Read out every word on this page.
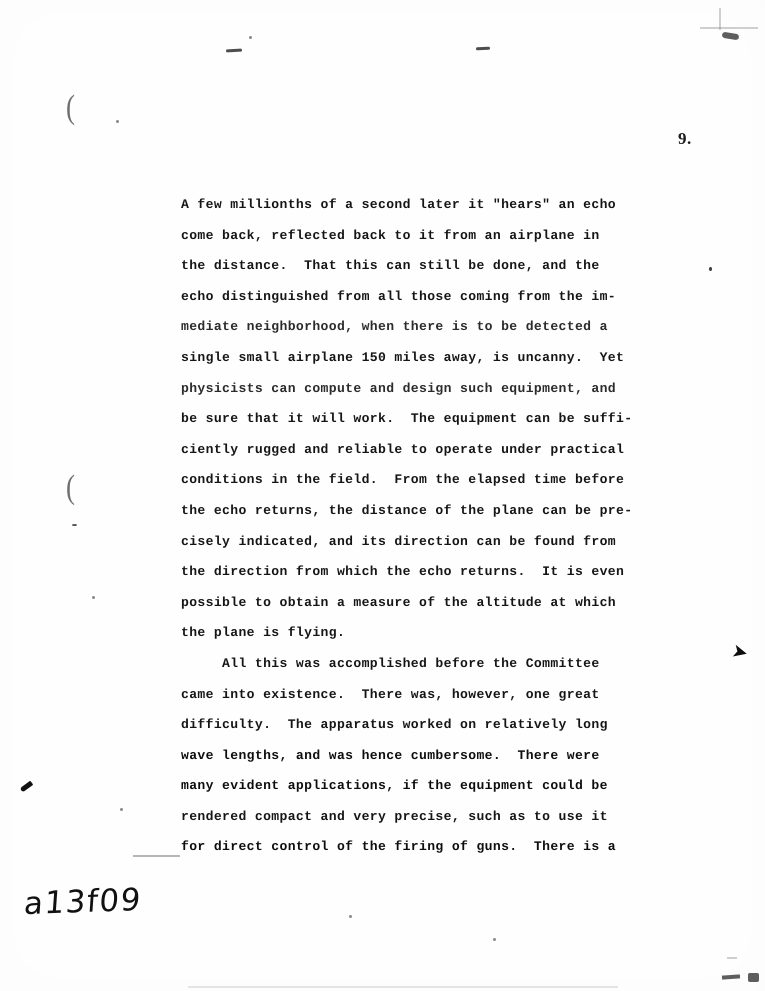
(
(
9.
➤
A few millionths of a second later it "hears" an echo
come back, reflected back to it from an airplane in
the distance.  That this can still be done, and the
echo distinguished from all those coming from the im-
mediate neighborhood, when there is to be detected a
single small airplane 150 miles away, is uncanny.  Yet
physicists can compute and design such equipment, and
be sure that it will work.  The equipment can be suffi-
ciently rugged and reliable to operate under practical
conditions in the field.  From the elapsed time before
the echo returns, the distance of the plane can be pre-
cisely indicated, and its direction can be found from
the direction from which the echo returns.  It is even
possible to obtain a measure of the altitude at which
the plane is flying.
All this was accomplished before the Committee
came into existence.  There was, however, one great
difficulty.  The apparatus worked on relatively long
wave lengths, and was hence cumbersome.  There were
many evident applications, if the equipment could be
rendered compact and very precise, such as to use it
for direct control of the firing of guns.  There is a
a13f09
